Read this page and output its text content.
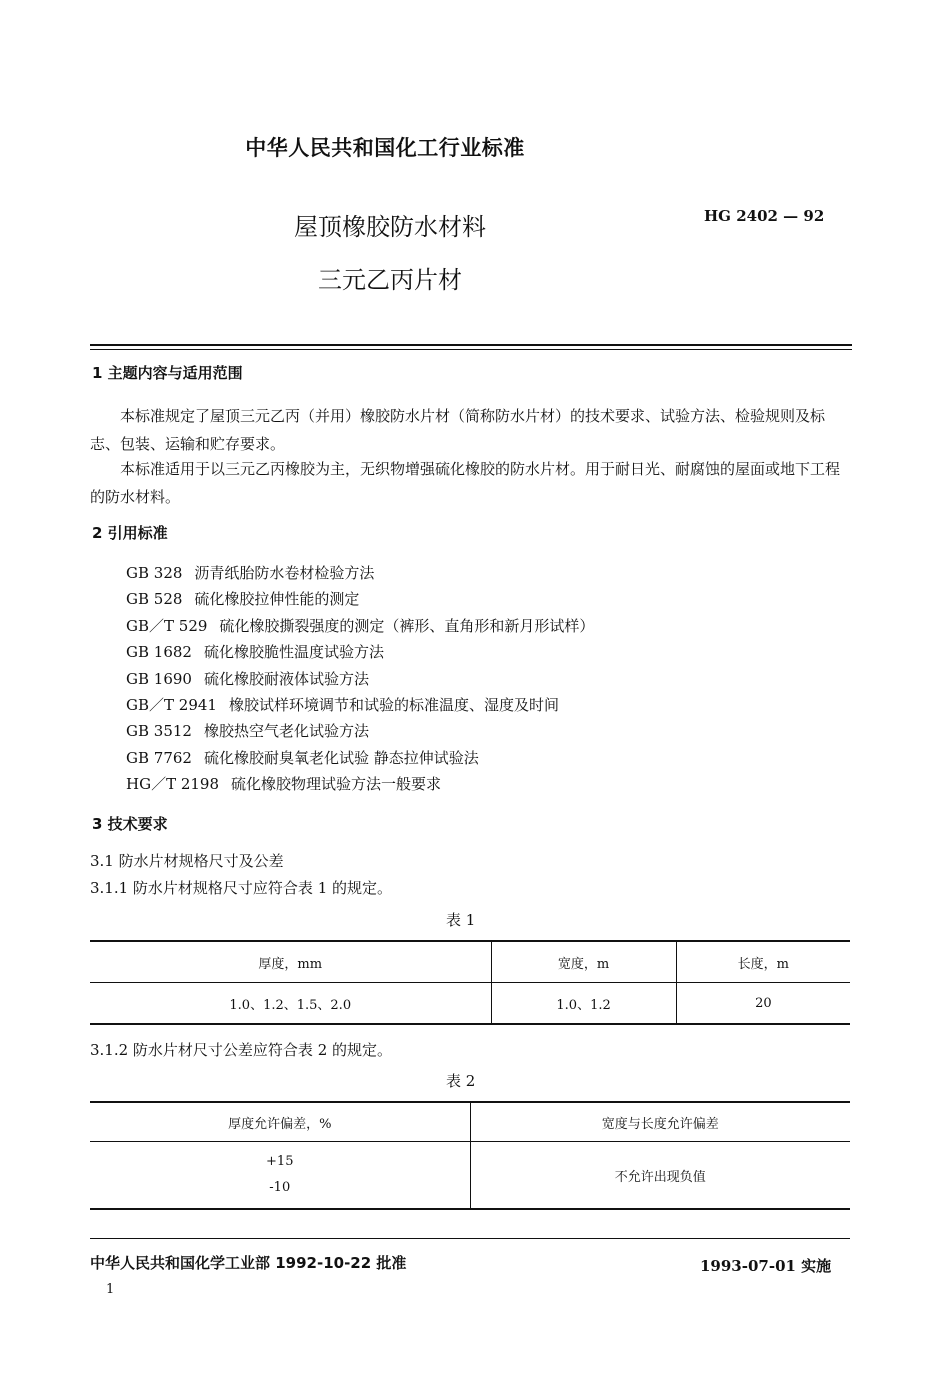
中华人民共和国化工行业标准
屋顶橡胶防水材料
三元乙丙片材
HG 2402 — 92
1 主题内容与适用范围
本标准规定了屋顶三元乙丙（并用）橡胶防水片材（简称防水片材）的技术要求、试验方法、检验规则及标志、包装、运输和贮存要求。
本标准适用于以三元乙丙橡胶为主，无织物增强硫化橡胶的防水片材。用于耐日光、耐腐蚀的屋面或地下工程的防水材料。
2 引用标准
GB 328 沥青纸胎防水卷材检验方法
GB 528 硫化橡胶拉伸性能的测定
GB／T 529 硫化橡胶撕裂强度的测定（裤形、直角形和新月形试样）
GB 1682 硫化橡胶脆性温度试验方法
GB 1690 硫化橡胶耐液体试验方法
GB／T 2941 橡胶试样环境调节和试验的标准温度、湿度及时间
GB 3512 橡胶热空气老化试验方法
GB 7762 硫化橡胶耐臭氧老化试验 静态拉伸试验法
HG／T 2198 硫化橡胶物理试验方法一般要求
3 技术要求
3.1 防水片材规格尺寸及公差
3.1.1 防水片材规格尺寸应符合表 1 的规定。
表 1
厚度，mm	宽度，m	长度，m
1.0、1.2、1.5、2.0	1.0、1.2	20
3.1.2 防水片材尺寸公差应符合表 2 的规定。
表 2
厚度允许偏差，%	宽度与长度允许偏差

+15
-10	不允许出现负值
中华人民共和国化学工业部 1992-10-22 批准	1993-07-01 实施
1
